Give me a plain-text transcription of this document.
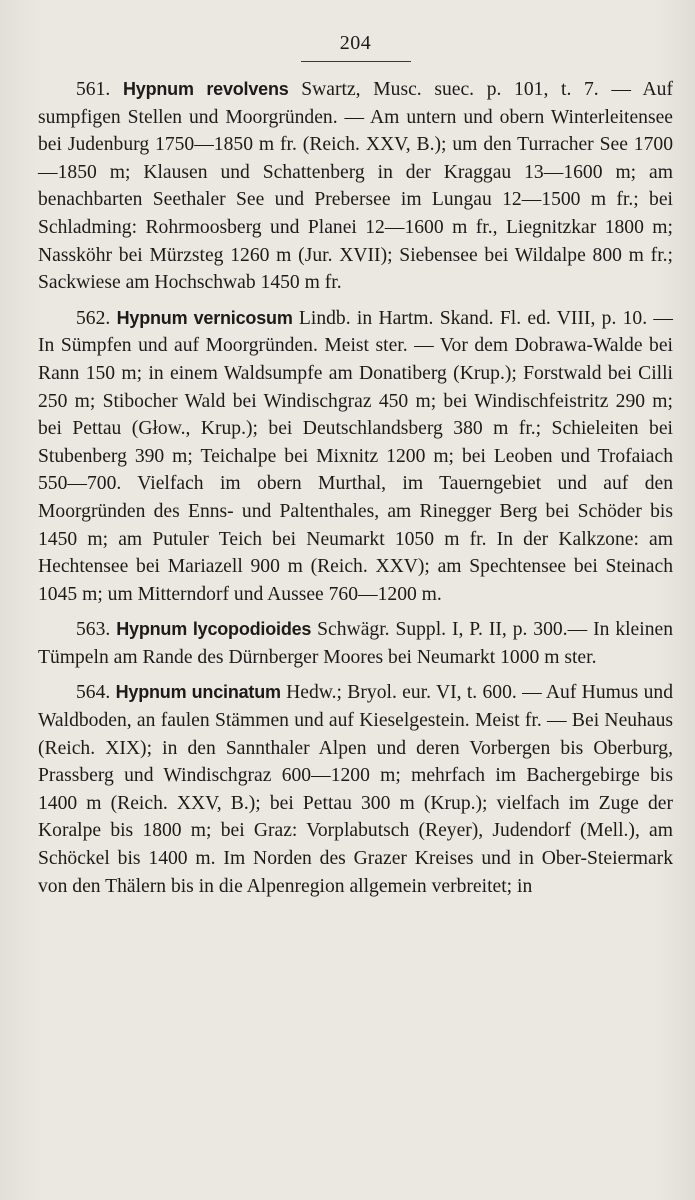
204

561. Hypnum revolvens Swartz, Musc. suec. p. 101, t. 7. — Auf sumpfigen Stellen und Moorgründen. — Am untern und obern Winterleitensee bei Judenburg 1750—1850 m fr. (Reich. XXV, B.); um den Turracher See 1700—1850 m; Klausen und Schattenberg in der Kraggau 13—1600 m; am benachbarten Seethaler See und Prebersee im Lungau 12—1500 m fr.; bei Schladming: Rohrmoosberg und Planei 12—1600 m fr., Liegnitzkar 1800 m; Nassköhr bei Mürzsteg 1260 m (Jur. XVII); Siebensee bei Wildalpe 800 m fr.; Sackwiese am Hochschwab 1450 m fr.

562. Hypnum vernicosum Lindb. in Hartm. Skand. Fl. ed. VIII, p. 10. — In Sümpfen und auf Moorgründen. Meist ster. — Vor dem Dobrawa-Walde bei Rann 150 m; in einem Waldsumpfe am Donatiberg (Krup.); Forstwald bei Cilli 250 m; Stibocher Wald bei Windischgraz 450 m; bei Windischfeistritz 290 m; bei Pettau (Głow., Krup.); bei Deutschlandsberg 380 m fr.; Schieleiten bei Stubenberg 390 m; Teichalpe bei Mixnitz 1200 m; bei Leoben und Trofaiach 550—700. Vielfach im obern Murthal, im Tauerngebiet und auf den Moorgründen des Enns- und Paltenthales, am Rinegger Berg bei Schöder bis 1450 m; am Putuler Teich bei Neumarkt 1050 m fr. In der Kalkzone: am Hechtensee bei Mariazell 900 m (Reich. XXV); am Spechtensee bei Steinach 1045 m; um Mitterndorf und Aussee 760—1200 m.

563. Hypnum lycopodioides Schwägr. Suppl. I, P. II, p. 300.— In kleinen Tümpeln am Rande des Dürnberger Moores bei Neumarkt 1000 m ster.

564. Hypnum uncinatum Hedw.; Bryol. eur. VI, t. 600. — Auf Humus und Waldboden, an faulen Stämmen und auf Kieselgestein. Meist fr. — Bei Neuhaus (Reich. XIX); in den Sannthaler Alpen und deren Vorbergen bis Oberburg, Prassberg und Windischgraz 600—1200 m; mehrfach im Bachergebirge bis 1400 m (Reich. XXV, B.); bei Pettau 300 m (Krup.); vielfach im Zuge der Koralpe bis 1800 m; bei Graz: Vorplabutsch (Reyer), Judendorf (Mell.), am Schöckel bis 1400 m. Im Norden des Grazer Kreises und in Ober-Steiermark von den Thälern bis in die Alpenregion allgemein verbreitet; in
